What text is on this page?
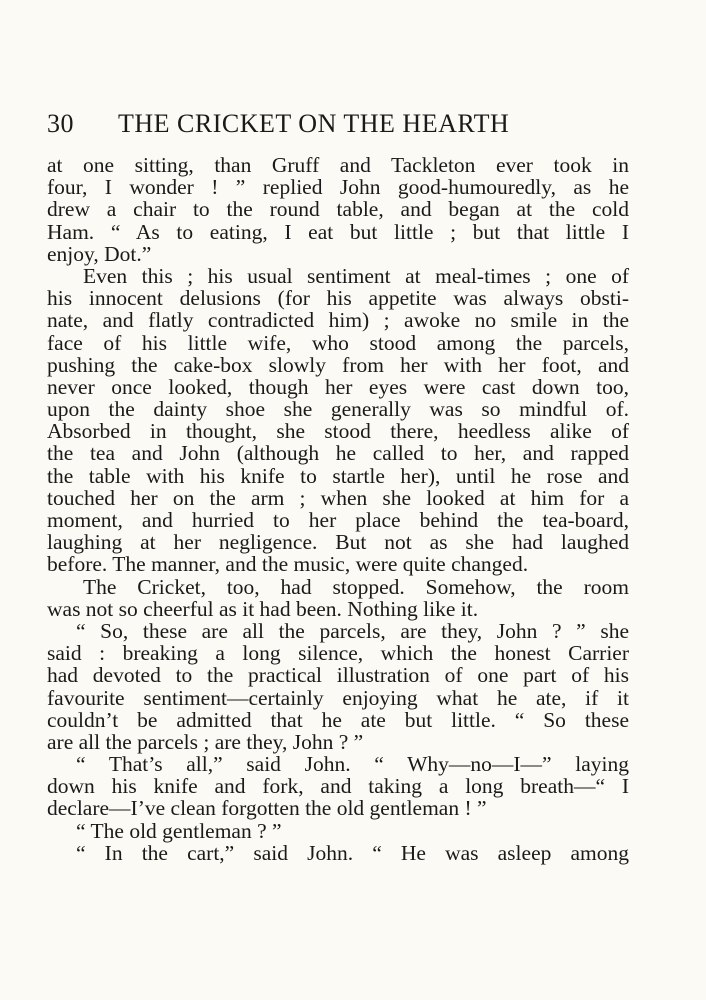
30 THE CRICKET ON THE HEARTH
at one sitting, than Gruff and Tackleton ever took in
four, I wonder ! ” replied John good-humouredly, as he
drew a chair to the round table, and began at the cold
Ham. “ As to eating, I eat but little ; but that little I
enjoy, Dot.”
Even this ; his usual sentiment at meal-times ; one of
his innocent delusions (for his appetite was always obsti-
nate, and flatly contradicted him) ; awoke no smile in the
face of his little wife, who stood among the parcels,
pushing the cake-box slowly from her with her foot, and
never once looked, though her eyes were cast down too,
upon the dainty shoe she generally was so mindful of.
Absorbed in thought, she stood there, heedless alike of
the tea and John (although he called to her, and rapped
the table with his knife to startle her), until he rose and
touched her on the arm ; when she looked at him for a
moment, and hurried to her place behind the tea-board,
laughing at her negligence. But not as she had laughed
before. The manner, and the music, were quite changed.
The Cricket, too, had stopped. Somehow, the room
was not so cheerful as it had been. Nothing like it.
“ So, these are all the parcels, are they, John ? ” she
said : breaking a long silence, which the honest Carrier
had devoted to the practical illustration of one part of his
favourite sentiment—certainly enjoying what he ate, if it
couldn’t be admitted that he ate but little. “ So these
are all the parcels ; are they, John ? ”
“ That’s all,” said John. “ Why—no—I—” laying
down his knife and fork, and taking a long breath—“ I
declare—I’ve clean forgotten the old gentleman ! ”
“ The old gentleman ? ”
“ In the cart,” said John. “ He was asleep among
